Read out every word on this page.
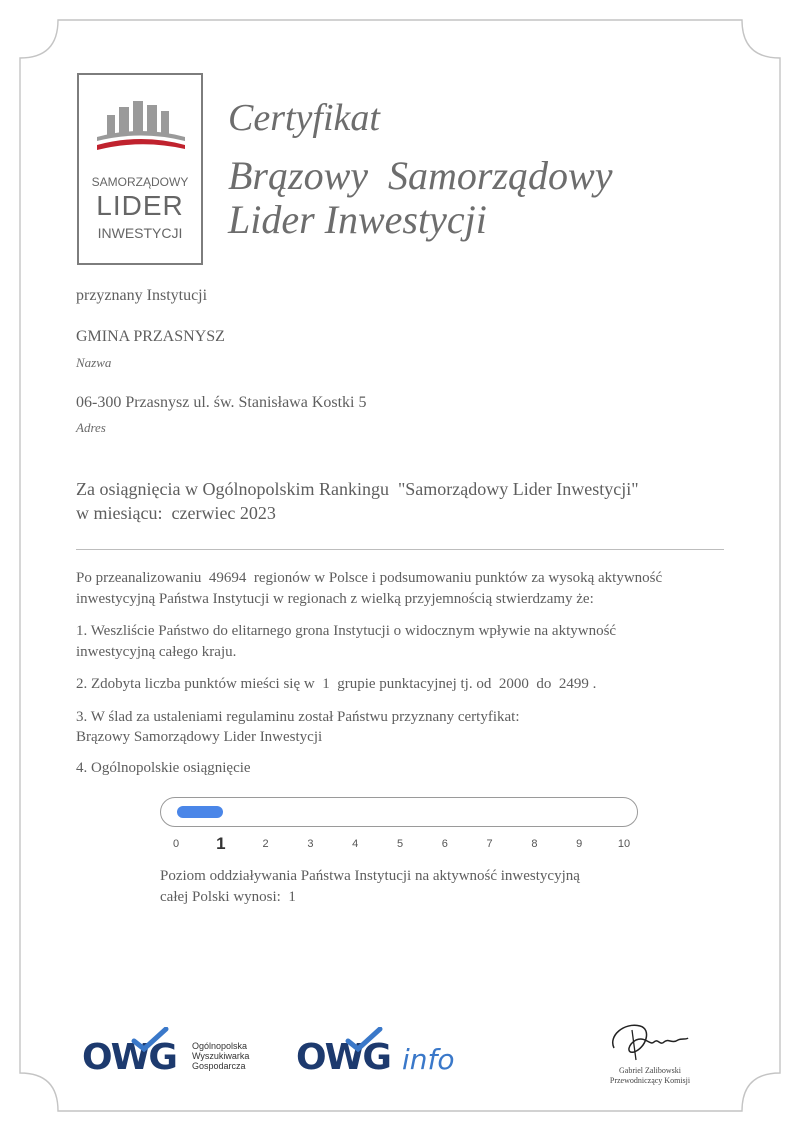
SAMORZĄDOWY
LIDER
INWESTYCJI
Certyfikat
Brązowy  Samorządowy
Lider Inwestycji
przyznany Instytucji
GMINA PRZASNYSZ
Nazwa
06-300 Przasnysz ul. św. Stanisława Kostki 5
Adres
Za osiągnięcia w Ogólnopolskim Rankingu  "Samorządowy Lider Inwestycji"
w miesiącu:  czerwiec 2023
Po przeanalizowaniu  49694  regionów w Polsce i podsumowaniu punktów za wysoką aktywność
inwestycyjną Państwa Instytucji w regionach z wielką przyjemnością stwierdzamy że:
1. Weszliście Państwo do elitarnego grona Instytucji o widocznym wpływie na aktywność
inwestycyjną całego kraju.
2. Zdobyta liczba punktów mieści się w  1  grupie punktacyjnej tj. od  2000  do  2499 .
3. W ślad za ustaleniami regulaminu został Państwu przyznany certyfikat:
Brązowy Samorządowy Lider Inwestycji
4. Ogólnopolskie osiągnięcie
0	1	2	3	4	5	6	7	8	9	10
Poziom oddziaływania Państwa Instytucji na aktywność inwestycyjną
całej Polski wynosi:  1
OWG Ogólnopolska
Wyszukiwarka
Gospodarcza OWG info	Gabriel Zalibowski
Przewodniczący Komisji
